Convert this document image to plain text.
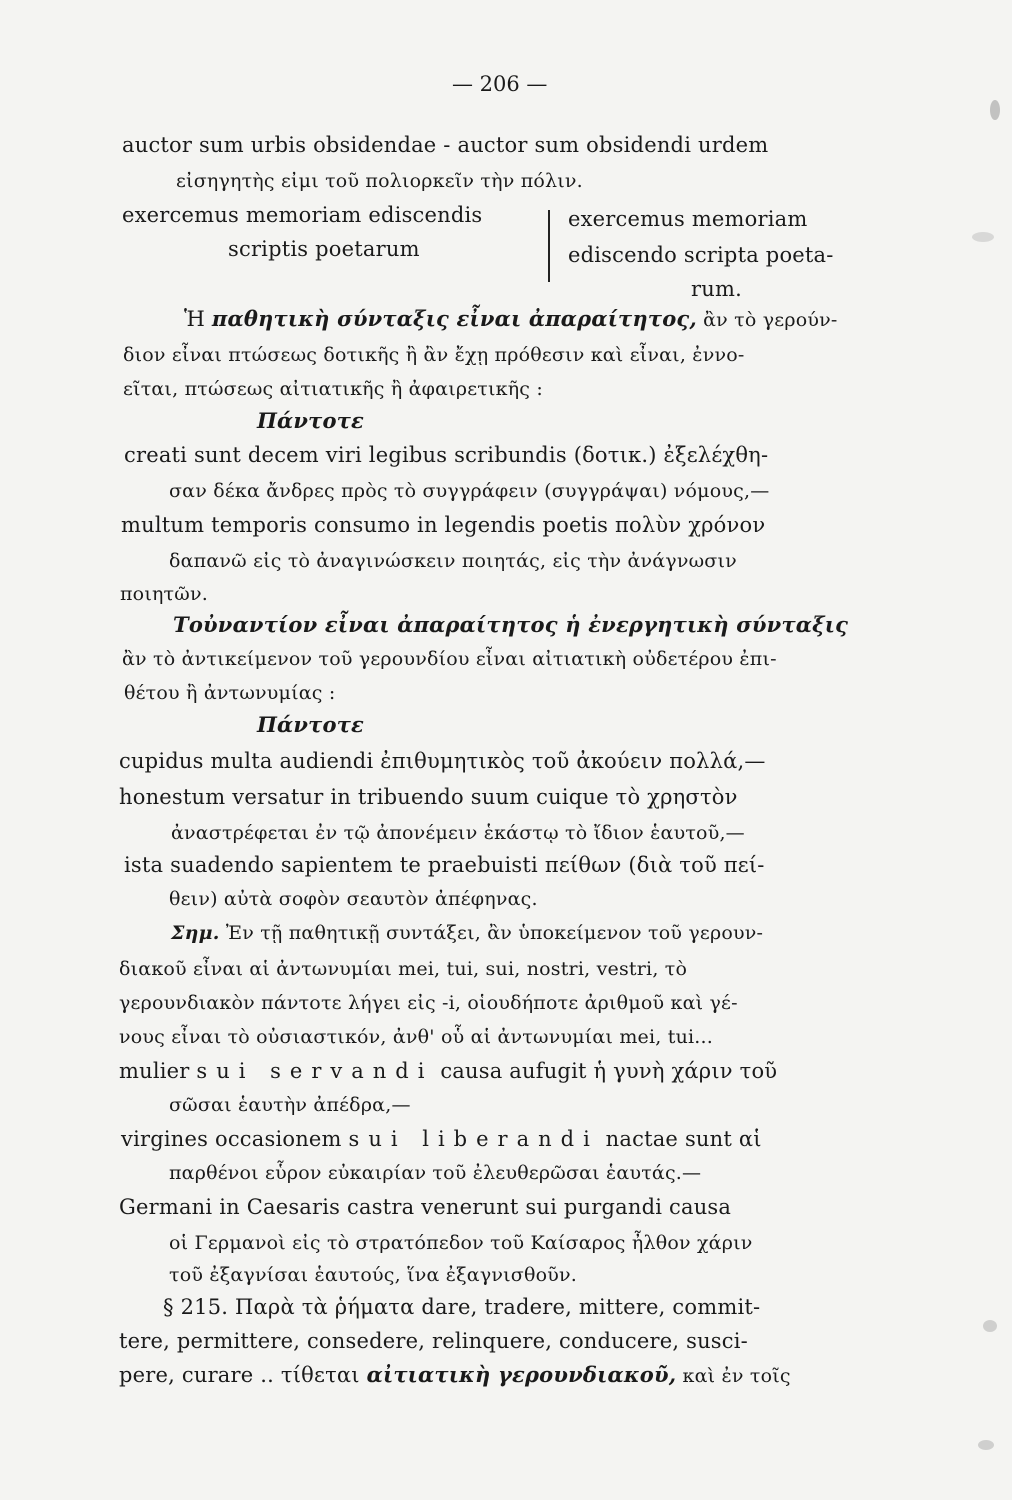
— 206 —
auctor sum urbis obsidendae - auctor sum obsidendi urdem
εἰσηγητὴς εἰμι τοῦ πολιορκεῖν τὴν πόλιν.
exercemus memoriam ediscendis	exercemus memoriam
scriptis poetarum	ediscendo scripta poeta-
rum.
Ἡ παθητικὴ σύνταξις εἶναι ἀπαραίτητος, ἂν τὸ γερούν-
διον εἶναι πτώσεως δοτικῆς ἢ ἂν ἔχῃ πρόθεσιν καὶ εἶναι, ἐννο-
εῖται, πτώσεως αἰτιατικῆς ἢ ἀφαιρετικῆς :
Πάντοτε
creati sunt decem viri legibus scribundis (δοτικ.) ἐξελέχθη-
σαν δέκα ἄνδρες πρὸς τὸ συγγράφειν (συγγράψαι) νόμους,—
multum temporis consumo in legendis poetis πολὺν χρόνον
δαπανῶ εἰς τὸ ἀναγινώσκειν ποιητάς, εἰς τὴν ἀνάγνωσιν
ποιητῶν.
Τοὐναντίον εἶναι ἀπαραίτητος ἡ ἐνεργητικὴ σύνταξις
ἂν τὸ ἀντικείμενον τοῦ γερουνδίου εἶναι αἰτιατικὴ οὐδετέρου ἐπι-
θέτου ἢ ἀντωνυμίας :
Πάντοτε
cupidus multa audiendi ἐπιθυμητικὸς τοῦ ἀκούειν πολλά,—
honestum versatur in tribuendo suum cuique τὸ χρηστὸν
ἀναστρέφεται ἐν τῷ ἀπονέμειν ἑκάστῳ τὸ ἴδιον ἑαυτοῦ,—
ista suadendo sapientem te praebuisti πείθων (διὰ τοῦ πεί-
θειν) αὐτὰ σοφὸν σεαυτὸν ἀπέφηνας.
Σημ. Ἐν τῇ παθητικῇ συντάξει, ἂν ὑποκείμενον τοῦ γερουν-
διακοῦ εἶναι αἱ ἀντωνυμίαι mei, tui, sui, nostri, vestri, τὸ
γερουνδιακὸν πάντοτε λήγει εἰς -i, οἱουδήποτε ἀριθμοῦ καὶ γέ-
νους εἶναι τὸ οὐσιαστικόν, ἀνθ' οὗ αἱ ἀντωνυμίαι mei, tui...
mulier sui servandi causa aufugit ἡ γυνὴ χάριν τοῦ
σῶσαι ἑαυτὴν ἀπέδρα,—
virgines occasionem sui liberandi nactae sunt αἱ
παρθένοι εὗρον εὐκαιρίαν τοῦ ἐλευθερῶσαι ἑαυτάς.—
Germani in Caesaris castra venerunt sui purgandi causa
οἱ Γερμανοὶ εἰς τὸ στρατόπεδον τοῦ Καίσαρος ἦλθον χάριν
τοῦ ἐξαγνίσαι ἑαυτούς, ἵνα ἐξαγνισθοῦν.
§ 215. Παρὰ τὰ ῥήματα dare, tradere, mittere, commit-
tere, permittere, consedere, relinquere, conducere, susci-
pere, curare .. τίθεται αἰτιατικὴ γερουνδιακοῦ, καὶ ἐν τοῖς
